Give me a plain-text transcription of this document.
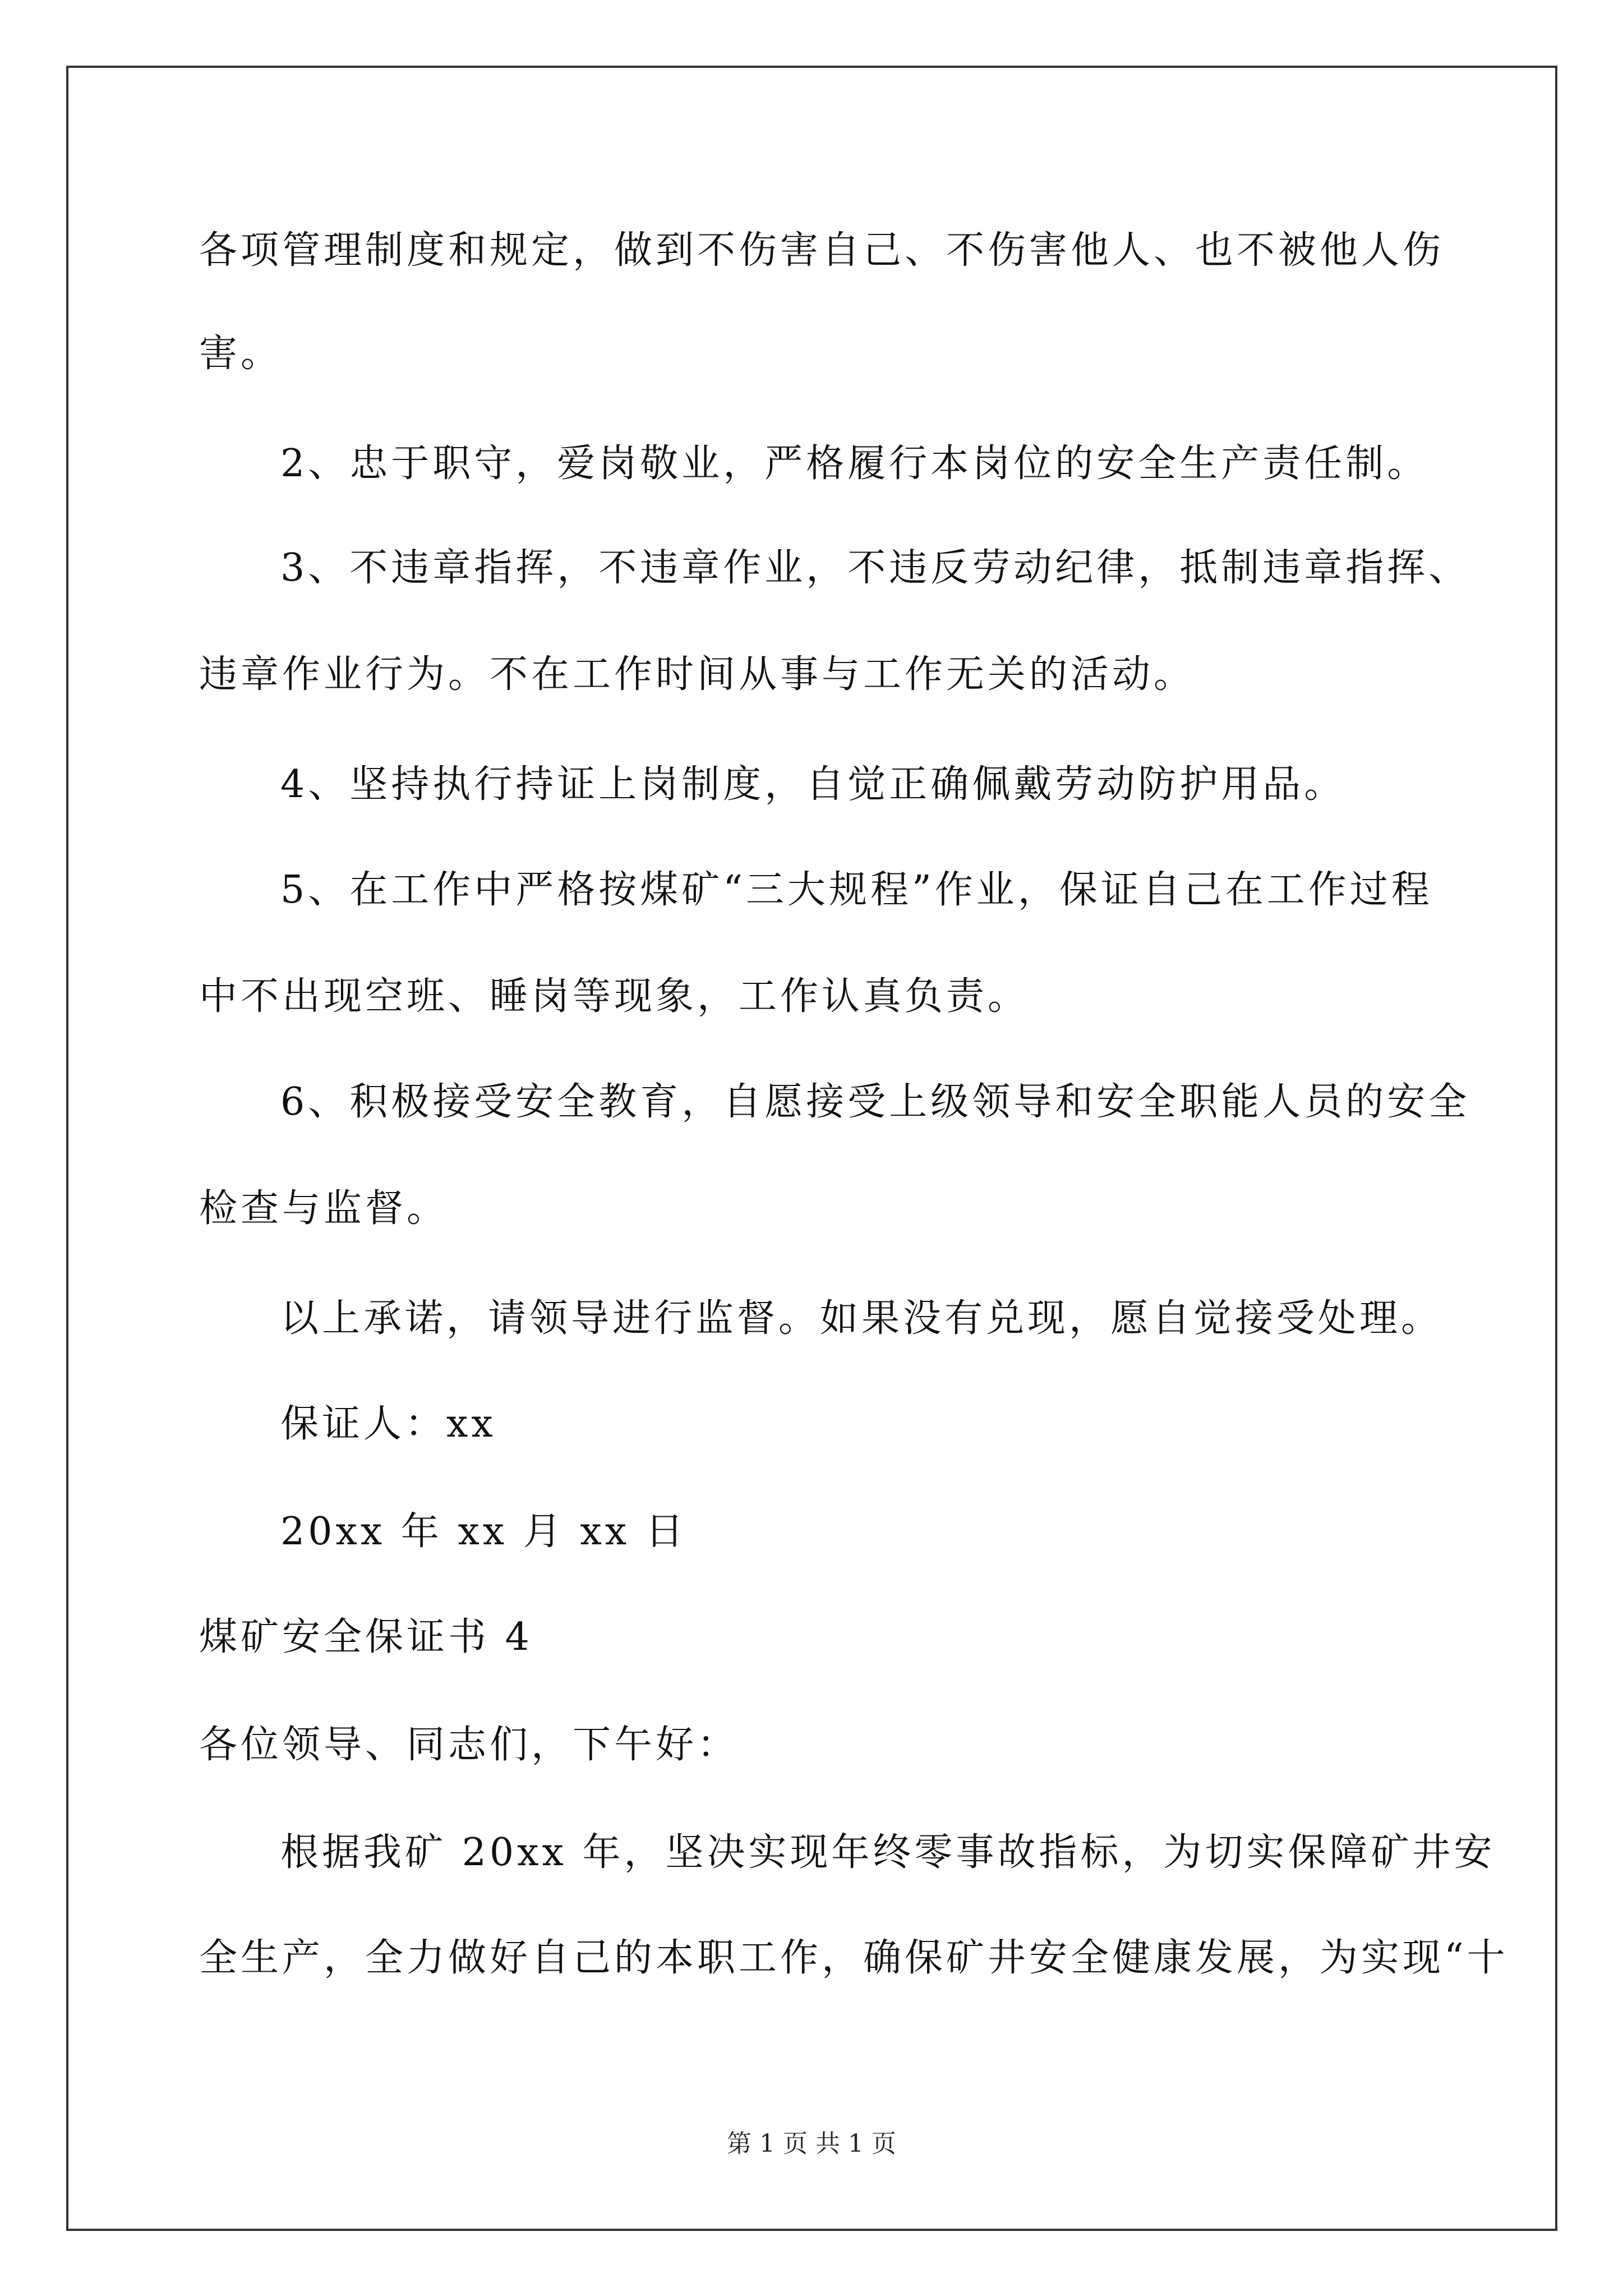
各项管理制度和规定，做到不伤害自己、不伤害他人、也不被他人伤
害。
2、忠于职守，爱岗敬业，严格履行本岗位的安全生产责任制。
3、不违章指挥，不违章作业，不违反劳动纪律，抵制违章指挥、
违章作业行为。不在工作时间从事与工作无关的活动。
4、坚持执行持证上岗制度，自觉正确佩戴劳动防护用品。
5、在工作中严格按煤矿“三大规程”作业，保证自己在工作过程
中不出现空班、睡岗等现象，工作认真负责。
6、积极接受安全教育，自愿接受上级领导和安全职能人员的安全
检查与监督。
以上承诺，请领导进行监督。如果没有兑现，愿自觉接受处理。
保证人：xx
20xx 年 xx 月 xx 日
煤矿安全保证书 4
各位领导、同志们，下午好：
根据我矿 20xx 年，坚决实现年终零事故指标，为切实保障矿井安
全生产，全力做好自己的本职工作，确保矿井安全健康发展，为实现“十
第 1 页 共 1 页
